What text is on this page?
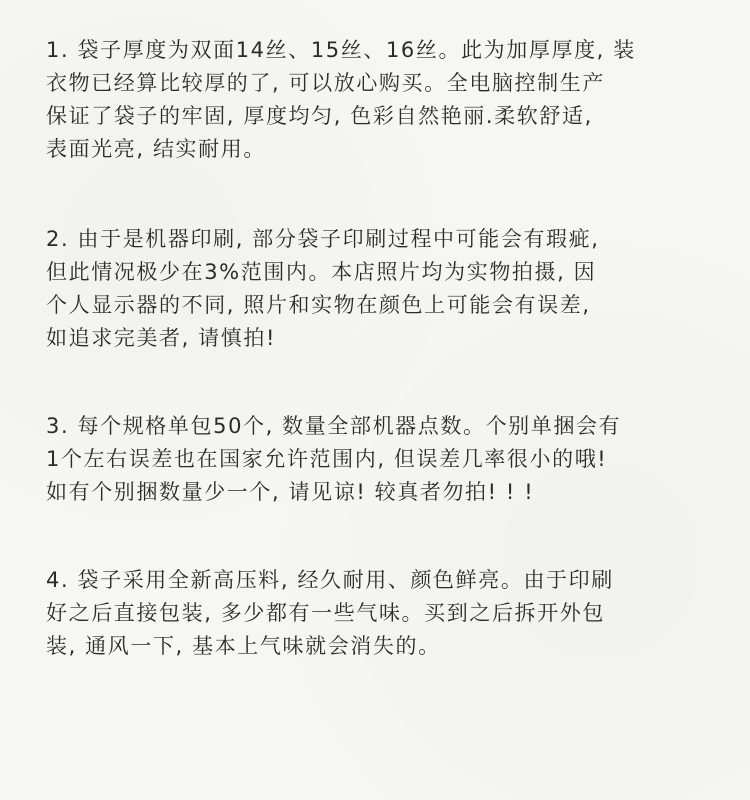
1. 袋子厚度为双面14丝、15丝、16丝。此为加厚厚度, 装
衣物已经算比较厚的了, 可以放心购买。全电脑控制生产
保证了袋子的牢固, 厚度均匀, 色彩自然艳丽.柔软舒适,
表面光亮, 结实耐用。
2. 由于是机器印刷, 部分袋子印刷过程中可能会有瑕疵,
但此情况极少在3%范围内。本店照片均为实物拍摄, 因
个人显示器的不同, 照片和实物在颜色上可能会有误差,
如追求完美者, 请慎拍!
3. 每个规格单包50个, 数量全部机器点数。个别单捆会有
1个左右误差也在国家允许范围内, 但误差几率很小的哦!
如有个别捆数量少一个, 请见谅! 较真者勿拍! ! !
4. 袋子采用全新高压料, 经久耐用、颜色鲜亮。由于印刷
好之后直接包装, 多少都有一些气味。买到之后拆开外包
装, 通风一下, 基本上气味就会消失的。
